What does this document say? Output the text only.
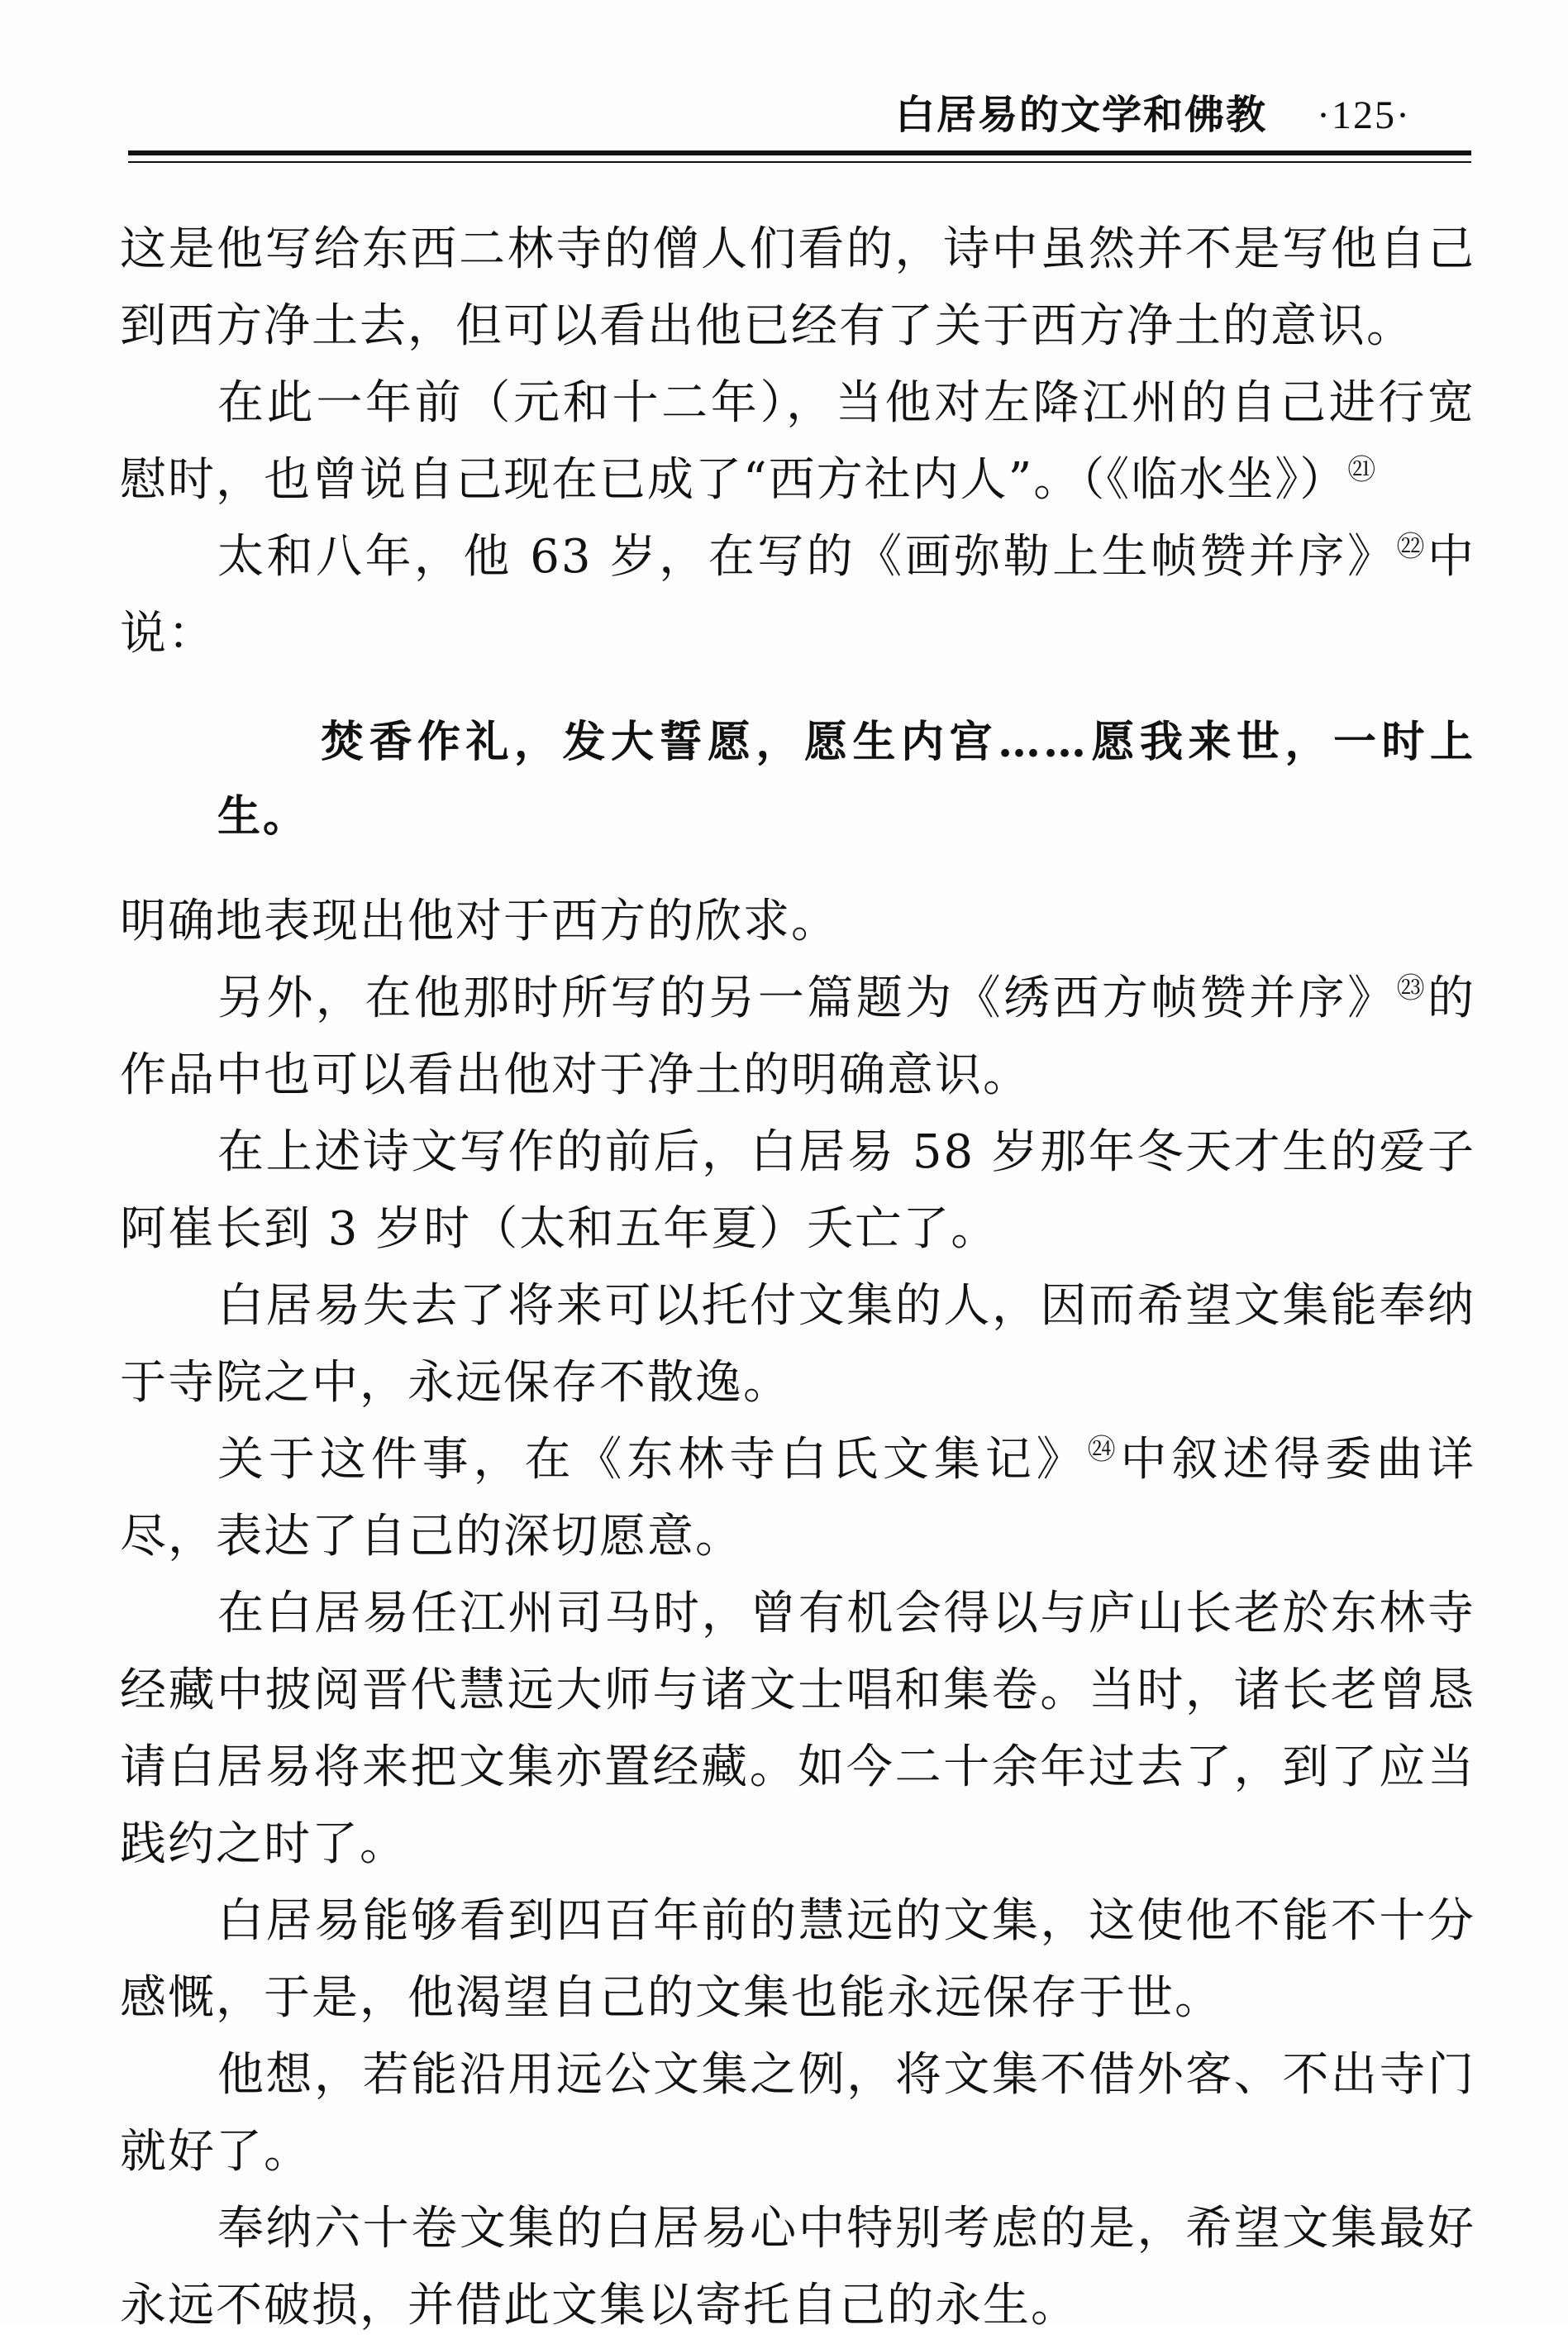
白居易的文学和佛教 ·125·

这是他写给东西二林寺的僧人们看的，诗中虽然并不是写他自己到西方净土去，但可以看出他已经有了关于西方净土的意识。

在此一年前（元和十二年），当他对左降江州的自己进行宽慰时，也曾说自己现在已成了“西方社内人”。（《临水坐》）$^㉑$

太和八年，他 63 岁，在写的《画弥勒上生帧赞并序》$^㉒$中说：

焚香作礼，发大誓愿，愿生内宫……愿我来世，一时上生。

明确地表现出他对于西方的欣求。

另外，在他那时所写的另一篇题为《绣西方帧赞并序》$^㉓$的作品中也可以看出他对于净土的明确意识。

在上述诗文写作的前后，白居易 58 岁那年冬天才生的爱子阿崔长到 3 岁时（太和五年夏）夭亡了。

白居易失去了将来可以托付文集的人，因而希望文集能奉纳于寺院之中，永远保存不散逸。

关于这件事，在《东林寺白氏文集记》$^㉔$中叙述得委曲详尽，表达了自己的深切愿意。

在白居易任江州司马时，曾有机会得以与庐山长老於东林寺经藏中披阅晋代慧远大师与诸文士唱和集卷。当时，诸长老曾恳请白居易将来把文集亦置经藏。如今二十余年过去了，到了应当践约之时了。

白居易能够看到四百年前的慧远的文集，这使他不能不十分感慨，于是，他渴望自己的文集也能永远保存于世。

他想，若能沿用远公文集之例，将文集不借外客、不出寺门就好了。

奉纳六十卷文集的白居易心中特别考虑的是，希望文集最好永远不破损，并借此文集以寄托自己的永生。
